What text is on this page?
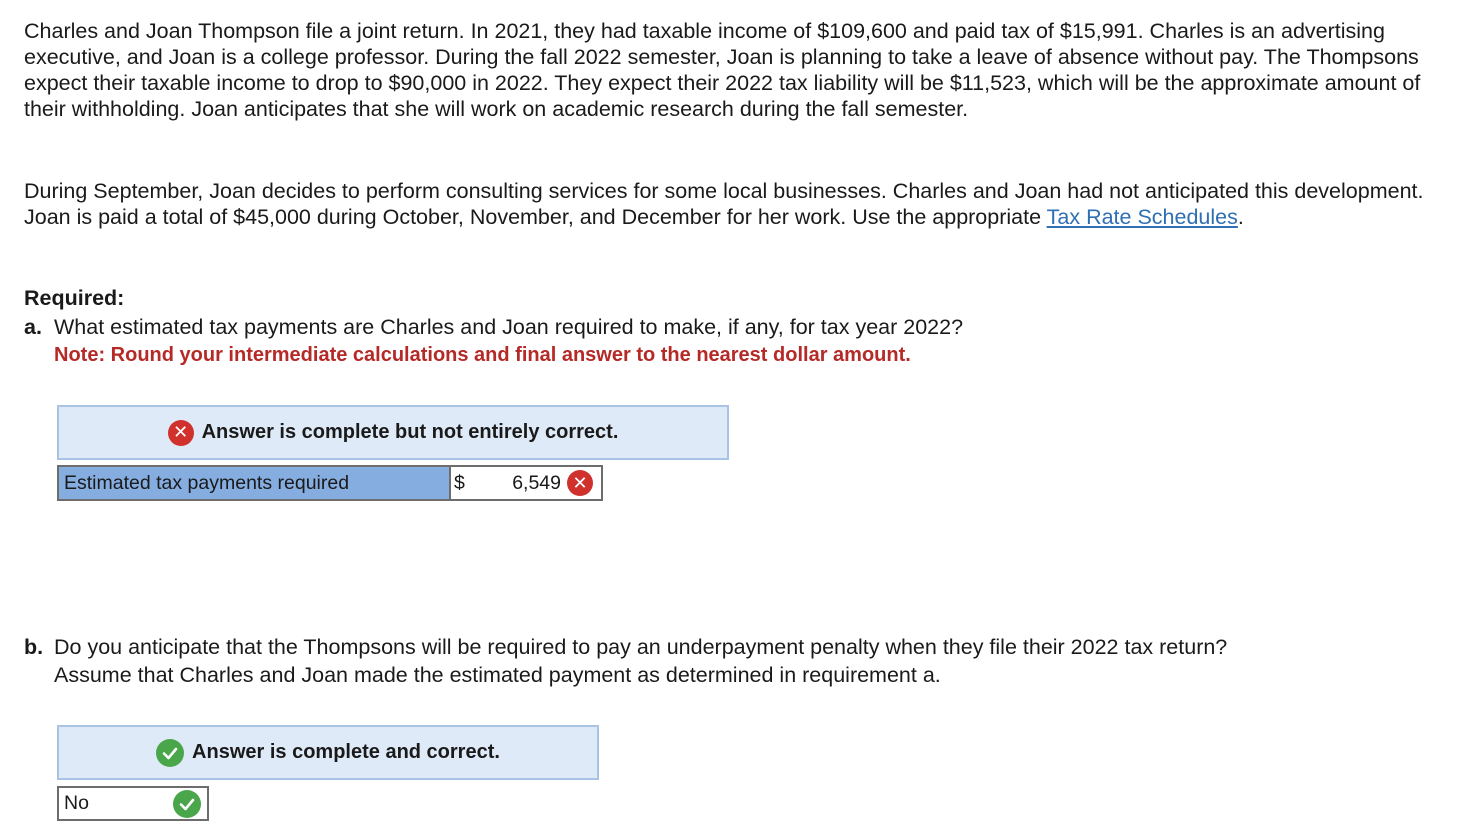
Charles and Joan Thompson file a joint return. In 2021, they had taxable income of $109,600 and paid tax of $15,991. Charles is an advertising executive, and Joan is a college professor. During the fall 2022 semester, Joan is planning to take a leave of absence without pay. The Thompsons expect their taxable income to drop to $90,000 in 2022. They expect their 2022 tax liability will be $11,523, which will be the approximate amount of their withholding. Joan anticipates that she will work on academic research during the fall semester.

During September, Joan decides to perform consulting services for some local businesses. Charles and Joan had not anticipated this development. Joan is paid a total of $45,000 during October, November, and December for her work. Use the appropriate Tax Rate Schedules.

Required:
a. What estimated tax payments are Charles and Joan required to make, if any, for tax year 2022?
Note: Round your intermediate calculations and final answer to the nearest dollar amount.
✕ Answer is complete but not entirely correct.
Estimated tax payments required	$ 6,549 ✕
b. Do you anticipate that the Thompsons will be required to pay an underpayment penalty when they file their 2022 tax return?
Assume that Charles and Joan made the estimated payment as determined in requirement a.
Answer is complete and correct.
No
